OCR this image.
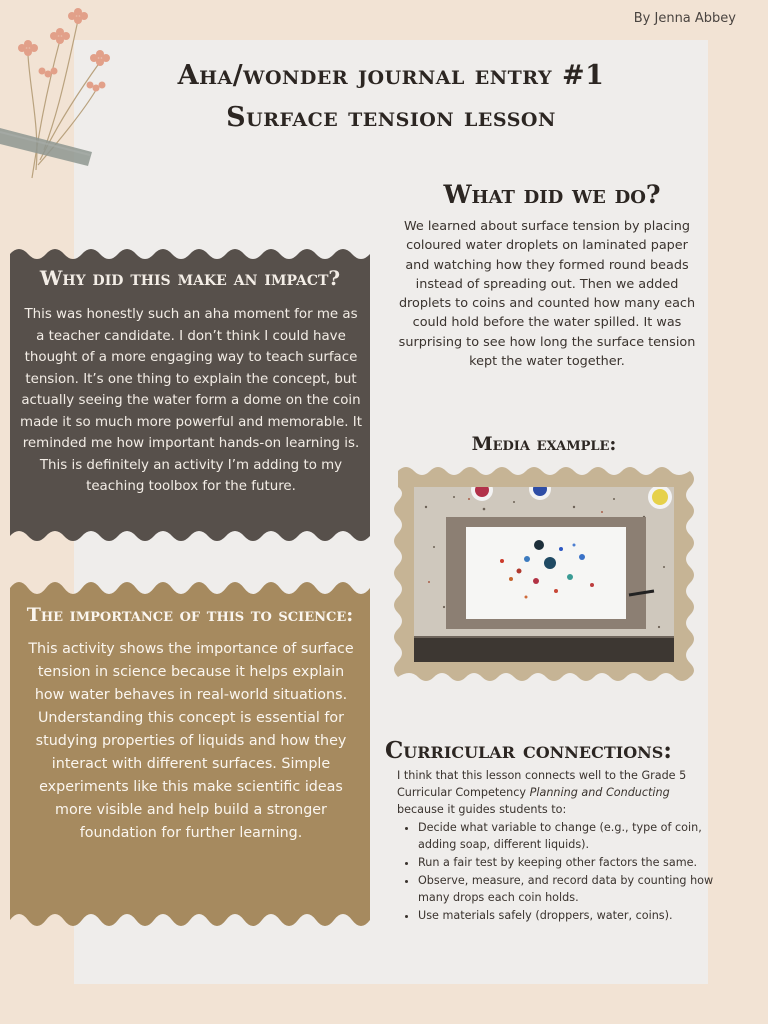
By Jenna Abbey
Aha/wonder journal entry #1
Surface tension lesson
What did we do?
We learned about surface tension by placing coloured water droplets on laminated paper and watching how they formed round beads instead of spreading out. Then we added droplets to coins and counted how many each could hold before the water spilled. It was surprising to see how long the surface tension kept the water together.
Why did this make an impact?
This was honestly such an aha moment for me as a teacher candidate. I don’t think I could have thought of a more engaging way to teach surface tension. It’s one thing to explain the concept, but actually seeing the water form a dome on the coin made it so much more powerful and memorable. It reminded me how important hands-on learning is. This is definitely an activity I’m adding to my teaching toolbox for the future.
Media example:
The importance of this to science:
This activity shows the importance of surface tension in science because it helps explain how water behaves in real-world situations. Understanding this concept is essential for studying properties of liquids and how they interact with different surfaces. Simple experiments like this make scientific ideas more visible and help build a stronger foundation for further learning.
Curricular connections:
I think that this lesson connects well to the Grade 5 Curricular Competency Planning and Conducting because it guides students to:
• Decide what variable to change (e.g., type of coin, adding soap, different liquids).
• Run a fair test by keeping other factors the same.
• Observe, measure, and record data by counting how many drops each coin holds.
• Use materials safely (droppers, water, coins).
